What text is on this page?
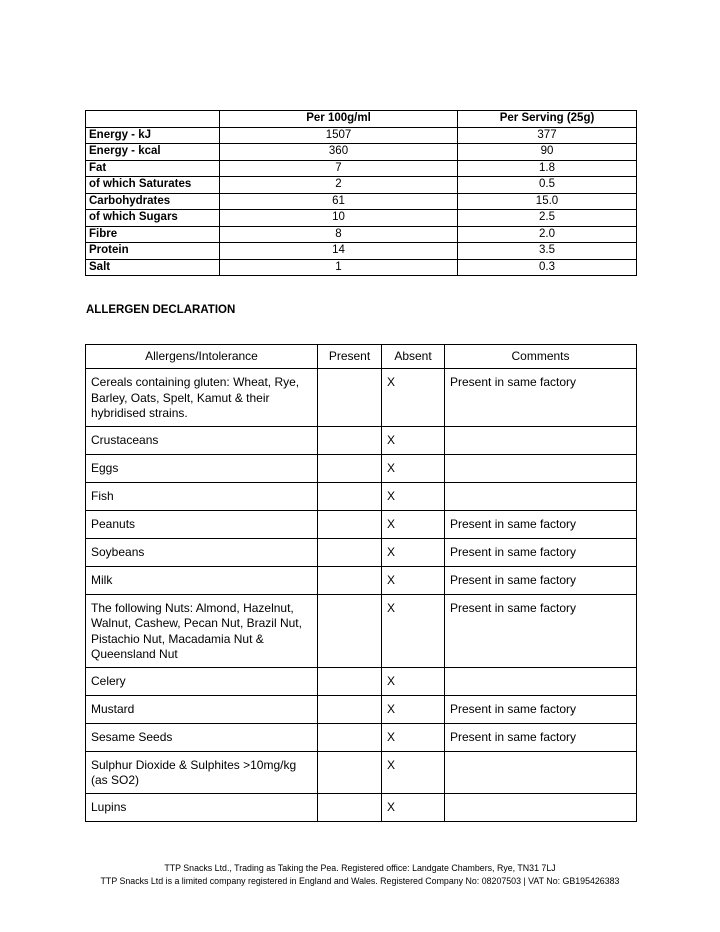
	Per 100g/ml	Per Serving (25g)
Energy - kJ	1507	377
Energy - kcal	360	90
Fat	7	1.8
of which Saturates	2	0.5
Carbohydrates	61	15.0
of which Sugars	10	2.5
Fibre	8	2.0
Protein	14	3.5
Salt	1	0.3
ALLERGEN DECLARATION
Allergens/Intolerance	Present	Absent	Comments
Cereals containing gluten: Wheat, Rye, Barley, Oats, Spelt, Kamut & their hybridised strains.		X	Present in same factory
Crustaceans		X	
Eggs		X	
Fish		X	
Peanuts		X	Present in same factory
Soybeans		X	Present in same factory
Milk		X	Present in same factory
The following Nuts: Almond, Hazelnut, Walnut, Cashew, Pecan Nut, Brazil Nut, Pistachio Nut, Macadamia Nut & Queensland Nut		X	Present in same factory
Celery		X	
Mustard		X	Present in same factory
Sesame Seeds		X	Present in same factory
Sulphur Dioxide & Sulphites >10mg/kg (as SO2)		X	
Lupins		X	
TTP Snacks Ltd., Trading as Taking the Pea. Registered office: Landgate Chambers, Rye, TN31 7LJ
TTP Snacks Ltd is a limited company registered in England and Wales. Registered Company No: 08207503 | VAT No: GB195426383
